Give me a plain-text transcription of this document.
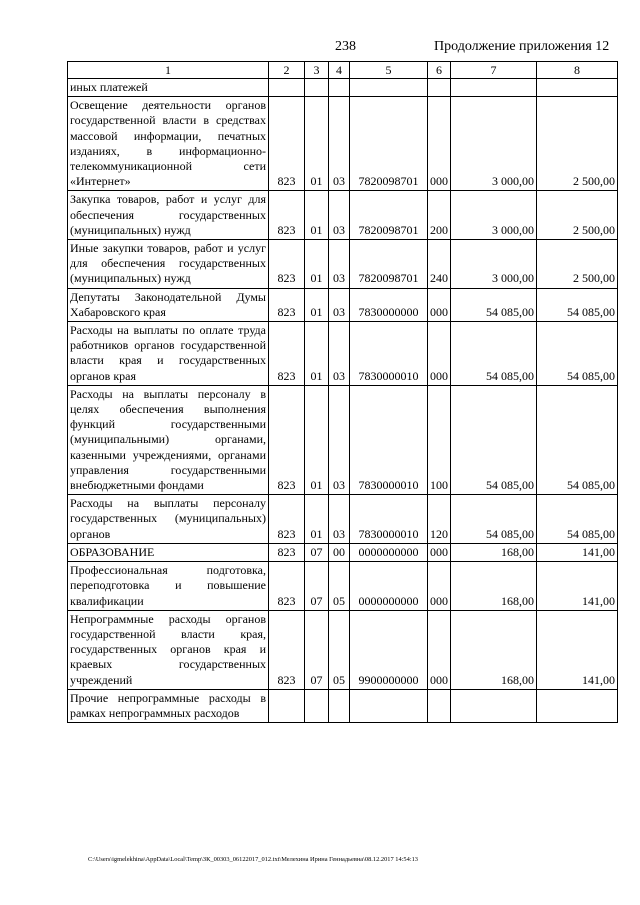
238	Продолжение приложения 12
1	2	3	4	5	6	7	8
иных платежей							
Освещение деятельности органов государственной власти в средствах массовой информации, печатных изданиях, в информационно-телекоммуникационной сети «Интернет»	823	01	03	7820098701	000	3 000,00	2 500,00
Закупка товаров, работ и услуг для обеспечения государственных (муниципальных) нужд	823	01	03	7820098701	200	3 000,00	2 500,00
Иные закупки товаров, работ и услуг для обеспечения государственных (муниципальных) нужд	823	01	03	7820098701	240	3 000,00	2 500,00
Депутаты Законодательной Думы Хабаровского края	823	01	03	7830000000	000	54 085,00	54 085,00
Расходы на выплаты по оплате труда работников органов государственной власти края и государственных органов края	823	01	03	7830000010	000	54 085,00	54 085,00
Расходы на выплаты персоналу в целях обеспечения выполнения функций государственными (муниципальными) органами, казенными учреждениями, органами управления государственными внебюджетными фондами	823	01	03	7830000010	100	54 085,00	54 085,00
Расходы на выплаты персоналу государственных (муниципальных) органов	823	01	03	7830000010	120	54 085,00	54 085,00
ОБРАЗОВАНИЕ	823	07	00	0000000000	000	168,00	141,00
Профессиональная подготовка, переподготовка и повышение квалификации	823	07	05	0000000000	000	168,00	141,00
Непрограммные расходы органов государственной власти края, государственных органов края и краевых государственных учреждений	823	07	05	9900000000	000	168,00	141,00
Прочие непрограммные расходы в рамках непрограммных расходов							
C:\Users\igmelekhina\AppData\Local\Temp\ЗК_00303_06122017_012.txt\Мелехина Ирина Геннадьевна\08.12.2017 14:54:13
